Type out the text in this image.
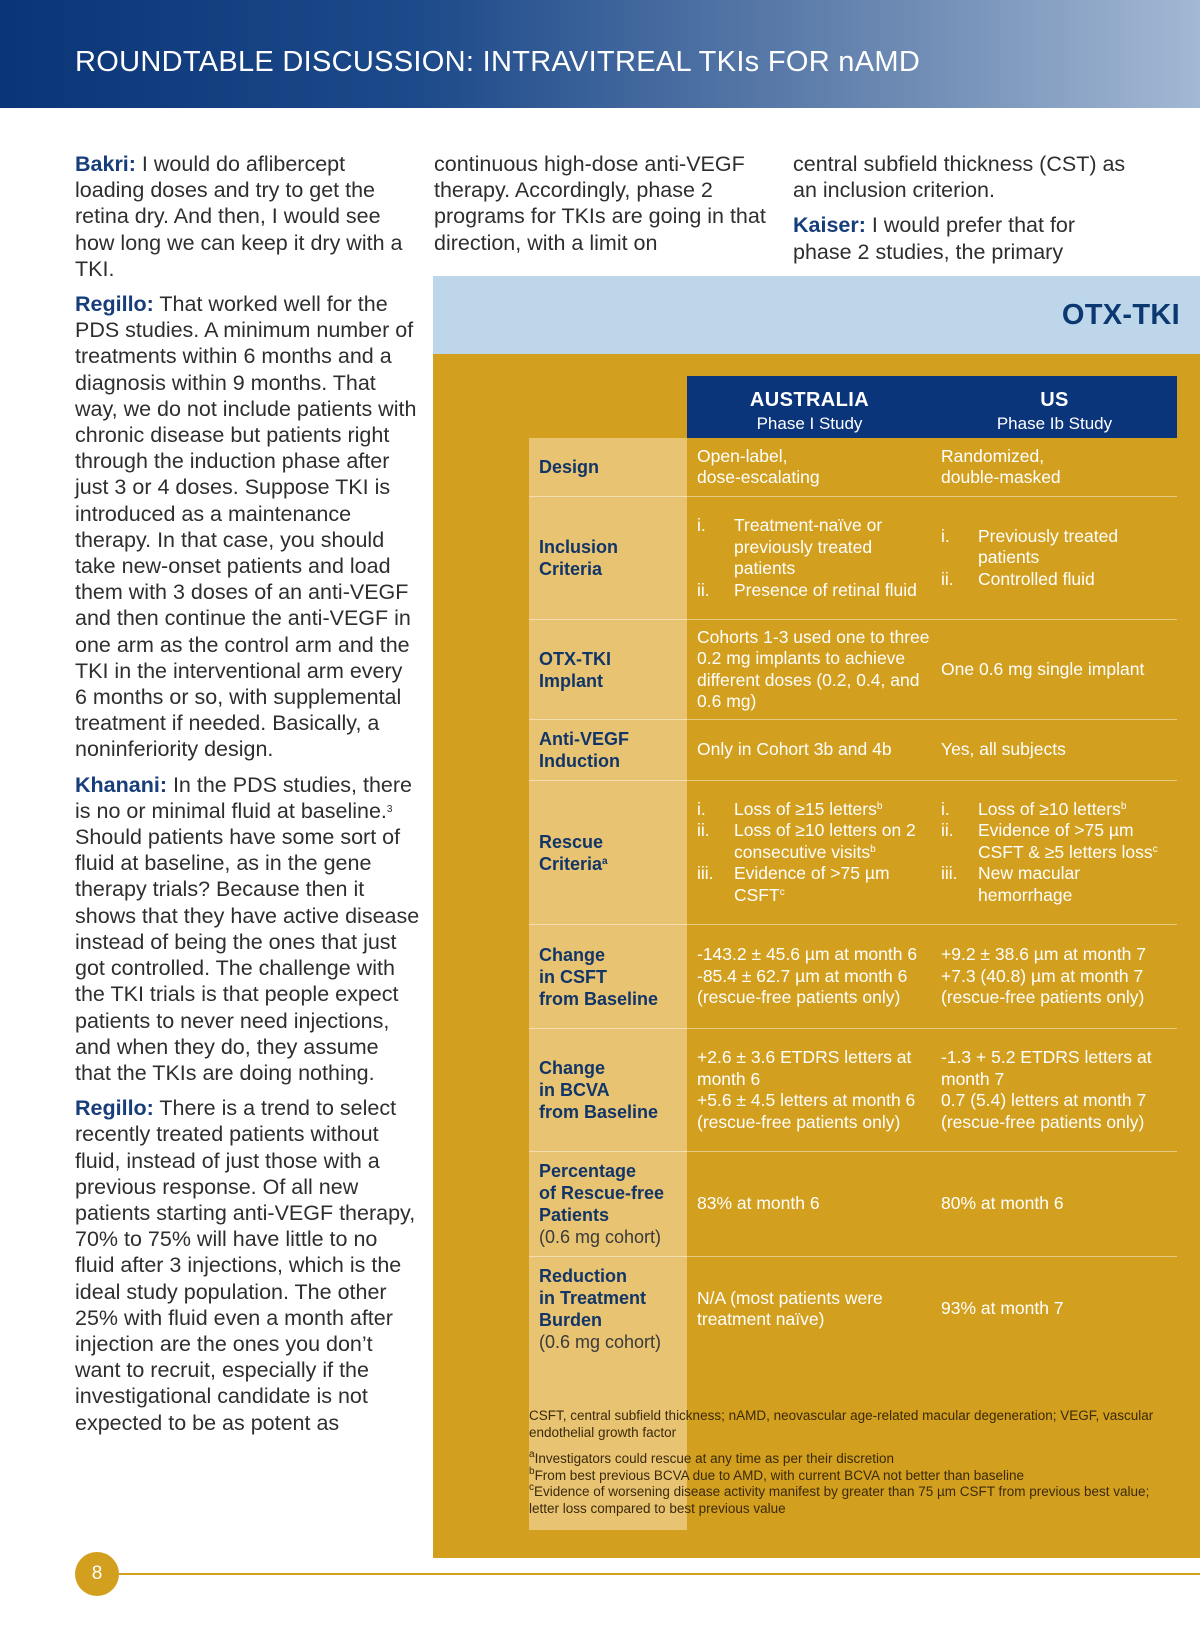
ROUNDTABLE DISCUSSION: INTRAVITREAL TKIs FOR nAMD

Bakri: I would do aflibercept loading doses and try to get the retina dry. And then, I would see how long we can keep it dry with a TKI.

Regillo: That worked well for the PDS studies. A minimum number of treatments within 6 months and a diagnosis within 9 months. That way, we do not include patients with chronic disease but patients right through the induction phase after just 3 or 4 doses. Suppose TKI is introduced as a maintenance therapy. In that case, you should take new-onset patients and load them with 3 doses of an anti-VEGF and then continue the anti-VEGF in one arm as the control arm and the TKI in the interventional arm every 6 months or so, with supplemental treatment if needed. Basically, a noninferiority design.

Khanani: In the PDS studies, there is no or minimal fluid at baseline.$^3$ Should patients have some sort of fluid at baseline, as in the gene therapy trials? Because then it shows that they have active disease instead of being the ones that just got controlled. The challenge with the TKI trials is that people expect patients to never need injections, and when they do, they assume that the TKIs are doing nothing.

Regillo: There is a trend to select recently treated patients without fluid, instead of just those with a previous response. Of all new patients starting anti-VEGF therapy, 70% to 75% will have little to no fluid after 3 injections, which is the ideal study population. The other 25% with fluid even a month after injection are the ones you don’t want to recruit, especially if the investigational candidate is not expected to be as potent as

continuous high-dose anti-VEGF therapy. Accordingly, phase 2 programs for TKIs are going in that direction, with a limit on

central subfield thickness (CST) as an inclusion criterion.

Kaiser: I would prefer that for phase 2 studies, the primary

OTX-TKI
AUSTRALIA
Phase I Study
US
Phase Ib Study
Design
Open-label,
dose-escalating
Randomized,
double-masked
Inclusion
Criteria
i. Treatment-naïve or previously treated patients
ii. Presence of retinal fluid
i. Previously treated patients
ii. Controlled fluid
OTX-TKI
Implant
Cohorts 1-3 used one to three 0.2 mg implants to achieve different doses (0.2, 0.4, and 0.6 mg)
One 0.6 mg single implant
Anti-VEGF
Induction
Only in Cohort 3b and 4b	Yes, all subjects
Rescue
Criteria$^a$
i. Loss of ≥15 letters$^b$
ii. Loss of ≥10 letters on 2 consecutive visits$^b$
iii. Evidence of >75 µm CSFT$^c$
i. Loss of ≥10 letters$^b$
ii. Evidence of >75 µm CSFT & ≥5 letters loss$^c$
iii. New macular hemorrhage
Change
in CSFT
from Baseline
-143.2 ± 45.6 µm at month 6
-85.4 ± 62.7 µm at month 6 (rescue-free patients only)
+9.2 ± 38.6 µm at month 7
+7.3 (40.8) µm at month 7 (rescue-free patients only)
Change
in BCVA
from Baseline
+2.6 ± 3.6 ETDRS letters at month 6
+5.6 ± 4.5 letters at month 6 (rescue-free patients only)
-1.3 + 5.2 ETDRS letters at month 7
0.7 (5.4) letters at month 7 (rescue-free patients only)
Percentage
of Rescue-free
Patients
(0.6 mg cohort)
83% at month 6	80% at month 6
Reduction
in Treatment
Burden
(0.6 mg cohort)
N/A (most patients were treatment naïve)
93% at month 7
CSFT, central subfield thickness; nAMD, neovascular age-related macular degeneration; VEGF, vascular endothelial growth factor
$^a$Investigators could rescue at any time as per their discretion
$^b$From best previous BCVA due to AMD, with current BCVA not better than baseline
$^c$Evidence of worsening disease activity manifest by greater than 75 µm CSFT from previous best value; letter loss compared to best previous value
8
